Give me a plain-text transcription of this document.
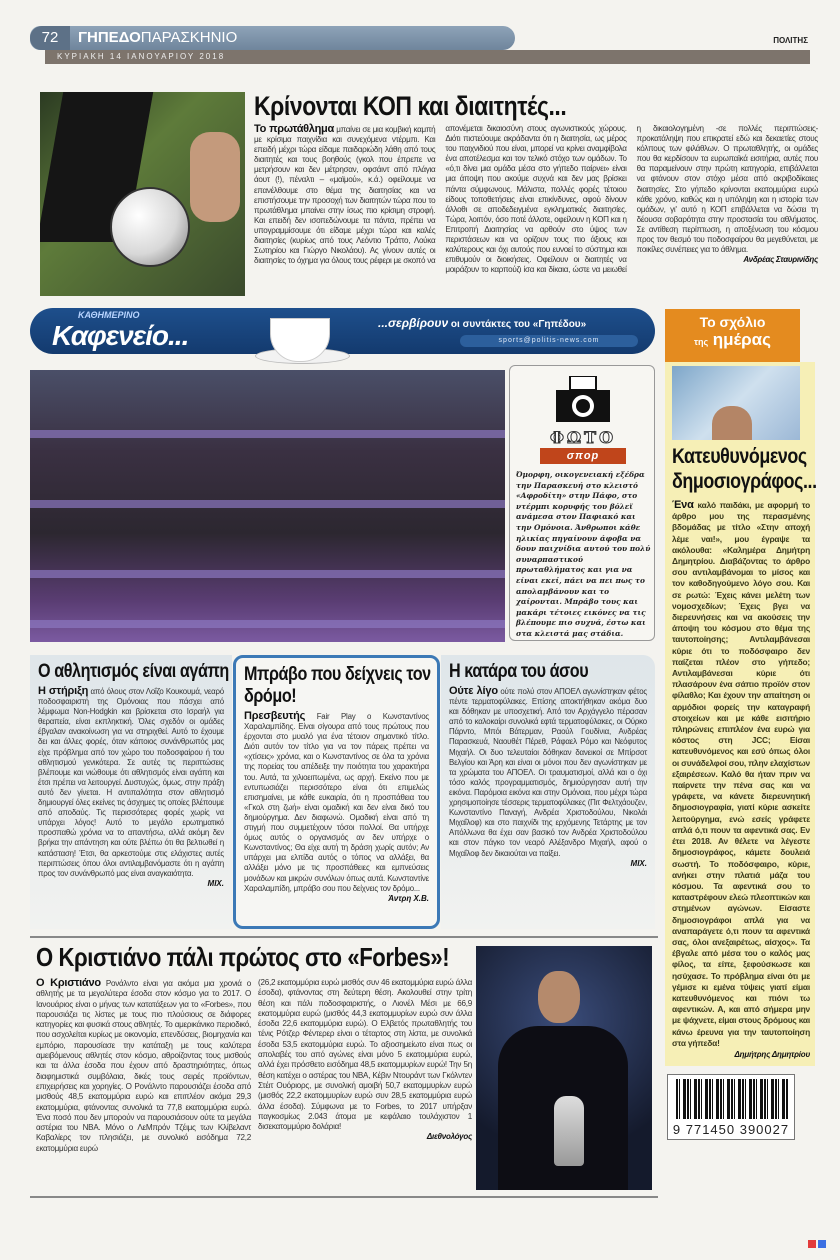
72	ΓΗΠΕΔΟΠΑΡΑΣΚΗΝΙΟ
ΚΥΡΙΑΚΗ 14 ΙΑΝΟΥΑΡΙΟΥ 2018
ΠΟΛΙΤΗΣ
Κρίνονται ΚΟΠ και διαιτητές...
Το πρωτάθλημα μπαίνει σε μια κομβική καμπή με κρίσιμα παιχνίδια και συνεχόμενα ντέρμπι. Και επειδή μέχρι τώρα είδαμε παιδαριώδη λάθη από τους διαιτητές και τους βοηθούς (γκολ που έπρεπε να μετρήσουν και δεν μέτρησαν, οφσάιντ από πλάγια άουτ (!), πέναλτι – «μαϊμού», κ.ά.) οφείλουμε να επανέλθουμε στο θέμα της διαιτησίας και να επιστήσουμε την προσοχή των διαιτητών τώρα που το πρωτάθλημα μπαίνει στην ίσως πιο κρίσιμη στροφή. Και επειδή δεν ισοπεδώνουμε τα πάντα, πρέπει να υπογραμμίσουμε ότι είδαμε μέχρι τώρα και καλές διαιτησίες (κυρίως από τους Λεόντιο Τράττο, Λούκα Σωτηρίου και Γιώργο Νικολάου). Ας γίνουν αυτές οι διαιτησίες το όχημα για όλους τους ρέφερι με σκοπό να απονέμεται δικαιοσύνη στους αγωνιστικούς χώρους. Διότι πιστεύουμε ακράδαντα ότι η διαιτησία, ως μέρος του παιχνιδιού που είναι, μπορεί να κρίνει αναμφίβολα ένα αποτέλεσμα και τον τελικό στόχο των ομάδων. Το «ό,τι δίνει μια ομάδα μέσα στο γήπεδο παίρνει» είναι μια άποψη που ακούμε συχνά και δεν μας βρίσκει πάντα σύμφωνους. Μάλιστα, πολλές φορές τέτοιου είδους τοποθετήσεις είναι επικίνδυνες, αφού δίνουν άλλοθι σε αποδεδειγμένα εγκληματικές διαιτησίες. Τώρα, λοιπόν, όσο ποτέ άλλοτε, οφείλουν η ΚΟΠ και η Επιτροπή Διαιτησίας να αρθούν στο ύψος των περιστάσεων και να ορίζουν τους πιο άξιους και καλύτερους και όχι αυτούς που ευνοεί το σύστημα και επιθυμούν οι διοικήσεις. Οφείλουν οι διαιτητές να μοιράζουν το καρπούζι ίσα και δίκαια, ώστε να μειωθεί η δικαιολογημένη -σε πολλές περιπτώσεις- προκατάληψη που επικρατεί εδώ και δεκαετίες στους κόλπους των φιλάθλων. Ο πρωταθλητής, οι ομάδες που θα κερδίσουν τα ευρωπαϊκά εισιτήρια, αυτές που θα παραμείνουν στην πρώτη κατηγορία, επιβάλλεται να φτάνουν στον στόχο μέσα από ακριβοδίκαιες διαιτησίες. Στο γήπεδο κρίνονται εκατομμύρια ευρώ κάθε χρόνο, καθώς και η υπόληψη και η ιστορία των ομάδων, γι' αυτό η ΚΟΠ επιβάλλεται να δώσει τη δέουσα σοβαρότητα στην προστασία του αθλήματος. Σε αντίθεση περίπτωση, η αποξένωση του κόσμου προς τον θεσμό του ποδοσφαίρου θα μεγεθύνεται, με ποικίλες συνέπειες για το άθλημα.
Ανδρέας Σταυρινίδης
ΚΑΘΗΜΕΡΙΝΟ
Καφενείο...	...σερβίρουν οι συντάκτες του «Γηπέδου»
sports@politis-news.com
Το σχόλιο
της ημέρας
ΦΩΤΟ
σποp
Όμορφη, οικογενειακή εξέδρα την Παρασκευή στο κλειστό «Αφροδίτη» στην Πάφο, στο ντέρμπι κορυφής του βόλεϊ ανάμεσα στον Παφιακό και την Ομόνοια. Άνθρωποι κάθε ηλικίας πηγαίνουν άφοβα να δουν παιχνίδια αυτού του πολύ συναρπαστικού πρωταθλήματος και για να είναι εκεί, πάει να πει πως το απολαμβάνουν και το χαίρονται. Μπράβο τους και μακάρι τέτοιες εικόνες να τις βλέπουμε πιο συχνά, έστω και στα κλειστά μας στάδια.
Κατευθυνόμενος δημοσιογράφος...
Ένα καλό παιδάκι, με αφορμή το άρθρο μου της περασμένης βδομάδας με τίτλο «Στην αποχή λέμε ναι!», μου έγραψε τα ακόλουθα: «Καλημέρα Δημήτρη Δημητρίου. Διαβάζοντας το άρθρο σου αντιλαμβάνομαι το μίσος και τον καθοδηγούμενο λόγο σου. Και σε ρωτώ: Έχεις κάνει μελέτη των νομοσχεδίων; Έχεις βγει να διερευνήσεις και να ακούσεις την άποψη του κόσμου στο θέμα της ταυτοποίησης; Αντιλαμβάνεσαι κύριε ότι το ποδόσφαιρο δεν παίζεται πλέον στο γήπεδο; Αντιλαμβάνεσαι κύριε ότι πλασάρουν ένα σάπιο προϊόν στον φίλαθλο; Και έχουν την απαίτηση οι αρμόδιοι φορείς την καταγραφή στοιχείων και με κάθε εισιτήριο πληρώνεις επιπλέον ένα ευρώ για κόστος στη JCC; Είσαι κατευθυνόμενος και εσύ όπως όλοι οι συνάδελφοί σου, πλην ελαχίστων εξαιρέσεων. Καλό θα ήταν πριν να παίρνετε την πένα σας και να γράφετε, να κάνετε διερευνητική δημοσιογραφία, γιατί κύριε ασκείτε λειτούργημα, ενώ εσείς γράφετε απλά ό,τι πουν τα αφεντικά σας. Εν έτει 2018. Αν θέλετε να λέγεστε δημοσιογράφος, κάμετε δουλειά σωστή. Το ποδόσφαιρο, κύριε, ανήκει στην πλατιά μάζα του κόσμου. Τα αφεντικά σου το καταστρέφουν ελεώ πλεοπτικών και στημένων αγώνων. Είσαστε δημοσιογράφοι απλά για να αναπαράγετε ό,τι πουν τα αφεντικά σας, όλοι ανεξαιρέτως, αίσχος». Τα έβγαλε από μέσα του ο καλός μας φίλος, τα είπε, ξεφούσκωσε και ησύχασε. Το πρόβλημα είναι ότι με γέμισε κι εμένα τύψεις γιατί είμαι κατευθυνόμενος και πιόνι τω αφεντικών. Α, και από σήμερα μην με ψάχνετε, είμαι στους δρόμους και κάνω έρευνα για την ταυτοποίηση στα γήπεδα!
Δημήτρης Δημητρίου
9 771450 390027
Ο αθλητισμός είναι αγάπη
Η στήριξη από όλους στον Λοΐζο Κουκουμά, νεαρό ποδοσφαιριστή της Ομόνοιας που πάσχει από λέμφωμα Non-Hodgkin και βρίσκεται στο Ισραήλ για θεραπεία, είναι εκπληκτική. Όλες σχεδόν οι ομάδες έβγαλαν ανακοίνωση για να στηριχθεί. Αυτό το έχουμε δει και άλλες φορές, όταν κάποιος συνάνθρωπός μας είχε πρόβλημα από τον χώρο του ποδοσφαίρου ή του αθλητισμού γενικότερα. Σε αυτές τις περιπτώσεις βλέπουμε και νιώθουμε ότι αθλητισμός είναι αγάπη και έτσι πρέπει να λειτουργεί. Δυστυχώς, όμως, στην πράξη αυτό δεν γίνεται. Η αντιπαλότητα στον αθλητισμό δημιουργεί όλες εκείνες τις άσχημες τις οποίες βλέπουμε από αποδαύς. Τις περισσότερες φορές χωρίς να υπάρχει λόγος! Αυτό το μεγάλο ερωτηματικό προσπαθώ χρόνια να το απαντήσω, αλλά ακόμη δεν βρήκα την απάντηση και ούτε βλέπω ότι θα βελτιωθεί η κατάσταση! Έτσι, θα αρκεστούμε στις ελάχιστες αυτές περιπτώσεις όπου όλοι αντιλαμβανόμαστε ότι η αγάπη προς τον συνάνθρωπό μας είναι αναγκαιότητα.
ΜΙΧ.
Μπράβο που δείχνεις τον δρόμο!
Πρεσβευτής Fair Play ο Κωνσταντίνος Χαραλαμπίδης. Είναι σίγουρα από τους πρώτους που έρχονται στο μυαλό για ένα τέτοιον σημαντικό τίτλο. Διότι αυτόν τον τίτλο για να τον πάρεις πρέπει να «χτίσεις» χρόνια, και ο Κωνσταντίνος σε όλα τα χρόνια της πορείας του απέδειξε την ποιότητα του χαρακτήρα του. Αυτά, τα χιλιοειπωμένα, ως αρχή. Εκείνο που με εντυπωσιάζει περισσότερο είναι ότι επιμελώς επισημαίνει, με κάθε ευκαιρία, ότι η προσπάθεια του «Γκολ στη ζωή» είναι ομαδική και δεν είναι δικό του δημιούργημα. Δεν διαφωνώ. Ομαδική είναι από τη στιγμή που συμμετέχουν τόσοι πολλοί. Θα υπήρχε όμως αυτός ο οργανισμός αν δεν υπήρχε ο Κωνσταντίνος; Θα είχε αυτή τη δράση χωρίς αυτόν; Αν υπάρχει μια ελπίδα αυτός ο τόπος να αλλάξει, θα αλλάξει μόνο με τις προσπάθειες και εμπνεύσεις μονάδων και μικρών συνόλων όπως αυτά. Κωνσταντίνε Χαραλαμπίδη, μπράβο σου που δείχνεις τον δρόμο...
Άντρη Χ.Β.
Η κατάρα του άσου
Ούτε λίγο ούτε πολύ στον ΑΠΟΕΛ αγωνίστηκαν φέτος πέντε τερματοφύλακες. Επίσης αποκτήθηκαν ακόμα δυο και δόθηκαν με υποσχετική. Από τον Αρχάγγελο πέρασαν από το καλοκαίρι συνολικά εφτά τερματοφύλακες, οι Ούρκο Πάρντο, Μπόι Βάτερμαν, Ραούλ Γουδίνια, Ανδρέας Παρασκευά, Ναουθέτ Πέρεθ, Ράφαελ Ρόμο και Νεόφυτος Μιχαήλ. Οι δυο τελευταίοι δόθηκαν δανεικοί σε Μπίρσοτ Βελγίου και Άρη και είναι οι μόνοι που δεν αγωνίστηκαν με τα χρώματα του ΑΠΟΕΛ. Οι τραυματισμοί, αλλά και ο όχι τόσο καλός προγραμματισμός, δημιούργησαν αυτή την εικόνα. Παρόμοια εικόνα και στην Ομόνοια, που μέχρι τώρα χρησιμοποίησε τέσσερις τερματοφύλακες (Πιτ Φελτχάουζεν, Κωνσταντίνο Παναγή, Ανδρέα Χριστοδούλου, Νικολάι Μιχαΐλοφ) και στο παιχνίδι της ερχόμενης Τετάρτης με τον Απόλλωνα θα έχει σαν βασικό τον Ανδρέα Χριστοδούλου και στον πάγκο τον νεαρό Αλέξανδρο Μιχαήλ, αφού ο Μιχαΐλοφ δεν δικαιούται να παίξει.
ΜΙΧ.
Ο Κριστιάνο πάλι πρώτος στο «Forbes»!
Ο Κριστιάνο Ρονάλντο είναι για ακόμα μια χρονιά ο αθλητής με τα μεγαλύτερα έσοδα στον κόσμο για το 2017. Ο Ιανουάριος είναι ο μήνας των κατατάξεων για το «Forbes», που παρουσιάζει τις λίστες με τους πιο πλούσιους σε διάφορες κατηγορίες και φυσικά στους αθλητές. Το αμερικάνικο περιοδικό, που ασχολείται κυρίως με οικονομία, επενδύσεις, βιομηχανία και εμπόριο, παρουσίασε την κατάταξη με τους καλύτερα αμειβόμενους αθλητές στον κόσμο, αθροίζοντας τους μισθούς και τα άλλα έσοδα που έχουν από δραστηριότητες, όπως διαφημιστικά συμβόλαια, δικές τους σειρές προϊόντων, επιχειρήσεις και χορηγίες. Ο Ρονάλντο παρουσιάζει έσοδα από μισθούς 48,5 εκατομμύρια ευρώ και επιπλέον ακόμα 29,3 εκατομμύρια, φτάνοντας συνολικά τα 77,8 εκατομμύρια ευρώ. Ένα ποσό που δεν μπορούν να παρουσιάσουν ούτε τα μεγάλα αστέρια του NBA. Μόνο ο ΛεΜπρόν Τζέιμς των Κλίβελαντ Καβαλίερς τον πλησιάζει, με συνολικό εισόδημα 72,2 εκατομμύρια ευρώ
(26,2 εκατομμύρια ευρώ μισθός συν 46 εκατομμύρια ευρώ άλλα έσοδα), φτάνοντας στη δεύτερη θέση. Ακολουθεί στην τρίτη θέση και πάλι ποδοσφαιριστής, ο Λιονέλ Μέσι με 66,9 εκατομμύρια ευρώ (μισθός 44,3 εκατομμυρίων ευρώ συν άλλα έσοδα 22,6 εκατομμύρια ευρώ). Ο Ελβετός πρωταθλητής του τένις Ρότζερ Φέντερερ είναι ο τέταρτος στη λίστα, με συνολικά έσοδα 53,5 εκατομμύρια ευρώ. Το αξιοσημείωτο είναι πως οι απολαβές του από αγώνες είναι μόνο 5 εκατομμύρια ευρώ, αλλά έχει πρόσθετο εισόδημα 48,5 εκατομμυρίων ευρώ! Την 5η θέση κατέχει ο αστέρας του NBA, Κέβιν Ντουράντ των Γκόλντεν Στέιτ Ουόριορς, με συνολική αμοιβή 50,7 εκατομμυρίων ευρώ (μισθός 22,2 εκατομμυρίων ευρώ συν 28,5 εκατομμύρια ευρώ άλλα έσοδα). Σύμφωνα με το Forbes, το 2017 υπήρξαν παγκοσμίως 2.043 άτομα με κεφάλαιο τουλάχιστον 1 δισεκατομμύριο δολάρια!
Διεθνολόγος
